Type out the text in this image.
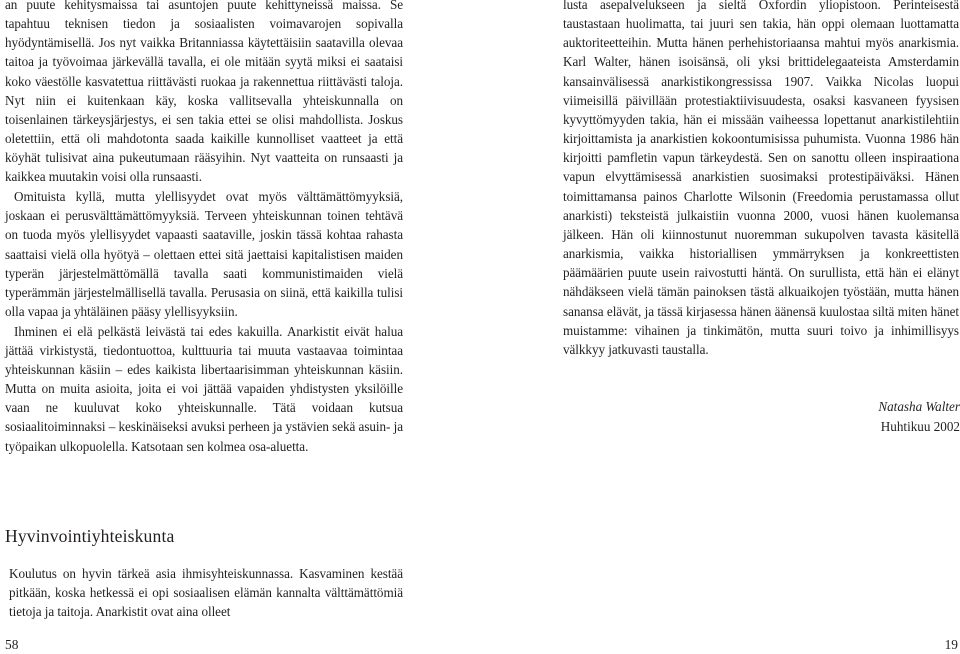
an puute kehitysmaissa tai asuntojen puute kehittyneissä maissa. Se tapahtuu teknisen tiedon ja sosiaalisten voimavarojen sopivalla hyödyntämisellä. Jos nyt vaikka Britanniassa käytettäisiin saatavilla olevaa taitoa ja työvoimaa järkevällä tavalla, ei ole mitään syytä miksi ei saataisi koko väestölle kasvatettua riittävästi ruokaa ja rakennettua riittävästi taloja. Nyt niin ei kuitenkaan käy, koska vallitsevalla yhteiskunnalla on toisenlainen tärkeysjärjestys, ei sen takia ettei se olisi mahdollista. Joskus oletettiin, että oli mahdotonta saada kaikille kunnolliset vaatteet ja että köyhät tulisivat aina pukeutumaan rääsyihin. Nyt vaatteita on runsaasti ja kaikkea muutakin voisi olla runsaasti.

Omituista kyllä, mutta ylellisyydet ovat myös välttämättömyyksiä, joskaan ei perusvälttämättömyyksiä. Terveen yhteiskunnan toinen tehtävä on tuoda myös ylellisyydet vapaasti saataville, joskin tässä kohtaa rahasta saattaisi vielä olla hyötyä – olettaen ettei sitä jaettaisi kapitalistisen maiden typerän järjestelmättömällä tavalla saati kommunistimaiden vielä typerämmän järjestelmällisellä tavalla. Perusasia on siinä, että kaikilla tulisi olla vapaa ja yhtäläinen pääsy ylellisyyksiin.

Ihminen ei elä pelkästä leivästä tai edes kakuilla. Anarkistit eivät halua jättää virkistystä, tiedontuottoa, kulttuuria tai muuta vastaavaa toimintaa yhteiskunnan käsiin – edes kaikista libertaarisimman yhteiskunnan käsiin. Mutta on muita asioita, joita ei voi jättää vapaiden yhdistysten yksilöille vaan ne kuuluvat koko yhteiskunnalle. Tätä voidaan kutsua sosiaalitoiminnaksi – keskinäiseksi avuksi perheen ja ystävien sekä asuin- ja työpaikan ulkopuolella. Katsotaan sen kolmea osa-aluetta.

Hyvinvointiyhteiskunta

Koulutus on hyvin tärkeä asia ihmisyhteiskunnassa. Kasvaminen kestää pitkään, koska hetkessä ei opi sosiaalisen elämän kannalta välttämättömiä tietoja ja taitoja. Anarkistit ovat aina olleet

58

lusta asepalvelukseen ja sieltä Oxfordin yliopistoon. Perinteisestä taustastaan huolimatta, tai juuri sen takia, hän oppi olemaan luottamatta auktoriteetteihin. Mutta hänen perhehistoriaansa mahtui myös anarkismia. Karl Walter, hänen isoisänsä, oli yksi brittidelegaateista Amsterdamin kansainvälisessä anarkistikongressissa 1907. Vaikka Nicolas luopui viimeisillä päivillään protestiaktiivisuudesta, osaksi kasvaneen fyysisen kyvyttömyyden takia, hän ei missään vaiheessa lopettanut anarkistilehtiin kirjoittamista ja anarkistien kokoontumisissa puhumista. Vuonna 1986 hän kirjoitti pamfletin vapun tärkeydestä. Sen on sanottu olleen inspiraationa vapun elvyttämisessä anarkistien suosimaksi protestipäiväksi. Hänen toimittamansa painos Charlotte Wilsonin (Freedomia perustamassa ollut anarkisti) teksteistä julkaistiin vuonna 2000, vuosi hänen kuolemansa jälkeen. Hän oli kiinnostunut nuoremman sukupolven tavasta käsitellä anarkismia, vaikka historiallisen ymmärryksen ja konkreettisten päämäärien puute usein raivostutti häntä. On surullista, että hän ei elänyt nähdäkseen vielä tämän painoksen tästä alkuaikojen työstään, mutta hänen sanansa elävät, ja tässä kirjasessa hänen äänensä kuulostaa siltä miten hänet muistamme: vihainen ja tinkimätön, mutta suuri toivo ja inhimillisyys välkkyy jatkuvasti taustalla.

Natasha Walter

Huhtikuu 2002

19
